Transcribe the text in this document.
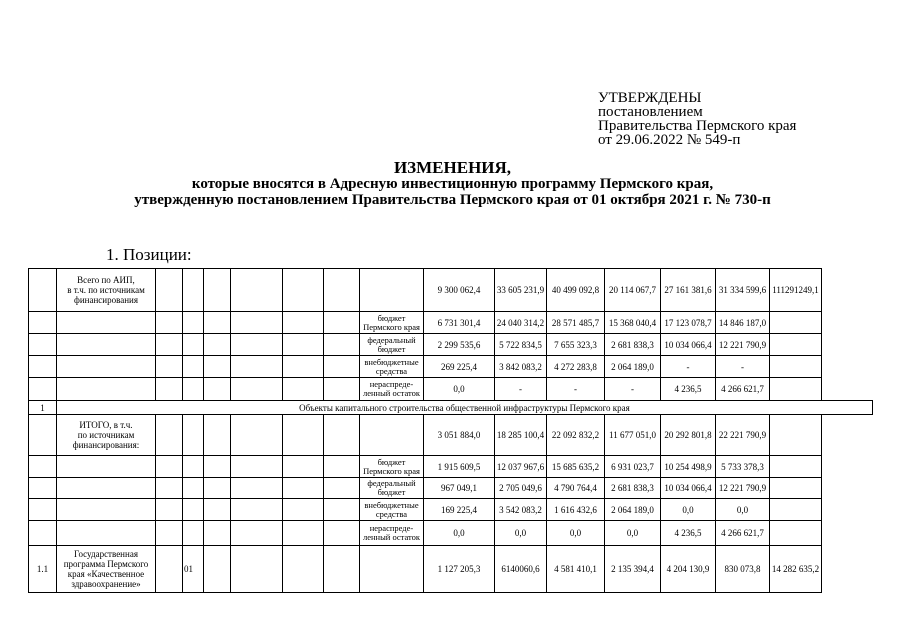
УТВЕРЖДЕНЫ
постановлением
Правительства Пермского края
от 29.06.2022 № 549-п
ИЗМЕНЕНИЯ,
которые вносятся в Адресную инвестиционную программу Пермского края,
утвержденную постановлением Правительства Пермского края от 01 октября 2021 г. № 730-п
1. Позиции:
	Всего по АИП,
в т.ч. по источникам
финансирования								9 300 062,4	33 605 231,9	40 499 092,8	20 114 067,7	27 161 381,6	31 334 599,6	111291249,1
								бюджет
Пермского края	6 731 301,4	24 040 314,2	28 571 485,7	15 368 040,4	17 123 078,7	14 846 187,0	
								федеральный
бюджет	2 299 535,6	5 722 834,5	7 655 323,3	2 681 838,3	10 034 066,4	12 221 790,9	
								внебюджетные
средства	269 225,4	3 842 083,2	4 272 283,8	2 064 189,0	-	-	
								нераспреде-
ленный остаток	0,0	-	-	-	4 236,5	4 266 621,7	
1	Объекты капитального строительства общественной инфраструктуры Пермского края														
	ИТОГО, в т.ч.
по источникам
финансирования:								3 051 884,0	18 285 100,4	22 092 832,2	11 677 051,0	20 292 801,8	22 221 790,9	
								бюджет
Пермского края	1 915 609,5	12 037 967,6	15 685 635,2	6 931 023,7	10 254 498,9	5 733 378,3	
								федеральный
бюджет	967 049,1	2 705 049,6	4 790 764,4	2 681 838,3	10 034 066,4	12 221 790,9	
								внебюджетные
средства	169 225,4	3 542 083,2	1 616 432,6	2 064 189,0	0,0	0,0	
								нераспреде-
ленный остаток	0,0	0,0	0,0	0,0	4 236,5	4 266 621,7	
1.1	Государственная
программа Пермского
края «Качественное
здравоохранение»		01						1 127 205,3	6140060,6	4 581 410,1	2 135 394,4	4 204 130,9	830 073,8	14 282 635,2
